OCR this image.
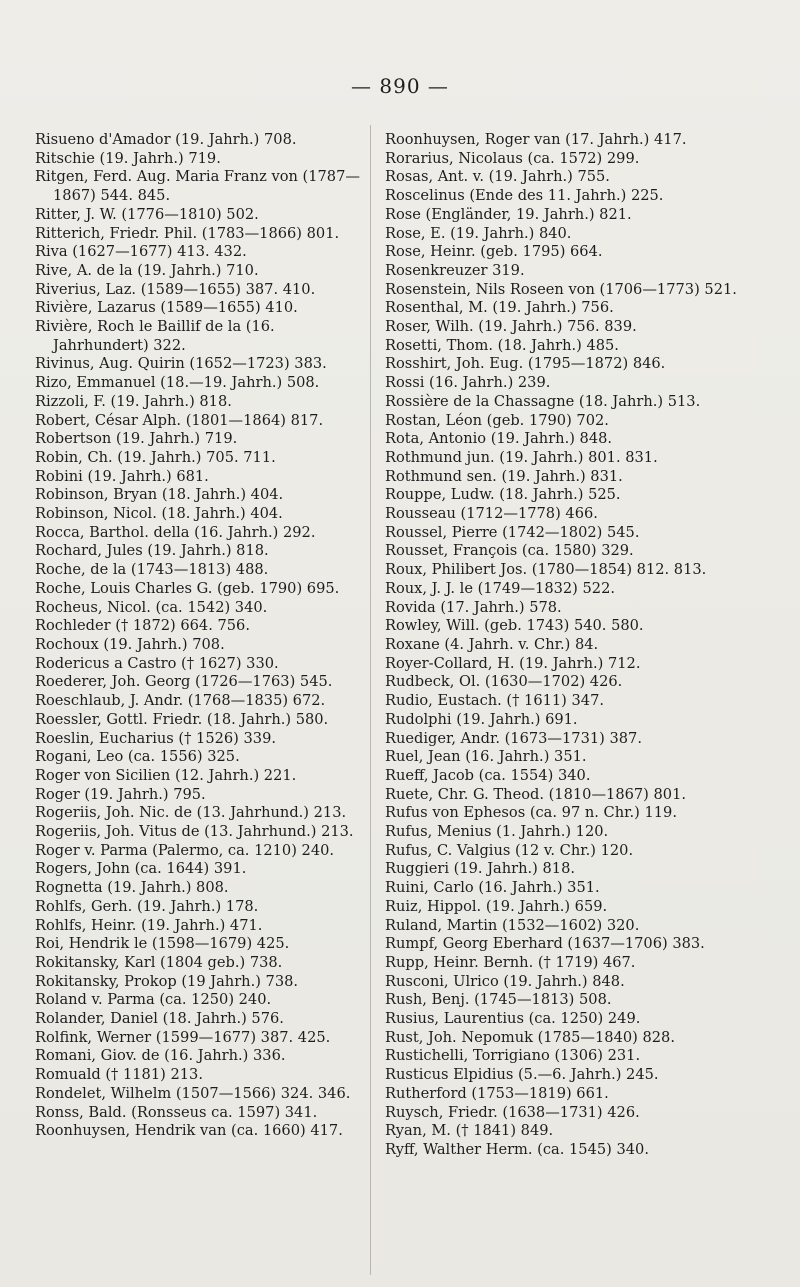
— 890 —
Risueno d'Amador (19. Jahrh.) 708.
Ritschie (19. Jahrh.) 719.
Ritgen, Ferd. Aug. Maria Franz von (1787—1867) 544. 845.
Ritter, J. W. (1776—1810) 502.
Ritterich, Friedr. Phil. (1783—1866) 801.
Riva (1627—1677) 413. 432.
Rive, A. de la (19. Jahrh.) 710.
Riverius, Laz. (1589—1655) 387. 410.
Rivière, Lazarus (1589—1655) 410.
Rivière, Roch le Baillif de la (16. Jahrhundert) 322.
Rivinus, Aug. Quirin (1652—1723) 383.
Rizo, Emmanuel (18.—19. Jahrh.) 508.
Rizzoli, F. (19. Jahrh.) 818.
Robert, César Alph. (1801—1864) 817.
Robertson (19. Jahrh.) 719.
Robin, Ch. (19. Jahrh.) 705. 711.
Robini (19. Jahrh.) 681.
Robinson, Bryan (18. Jahrh.) 404.
Robinson, Nicol. (18. Jahrh.) 404.
Rocca, Barthol. della (16. Jahrh.) 292.
Rochard, Jules (19. Jahrh.) 818.
Roche, de la (1743—1813) 488.
Roche, Louis Charles G. (geb. 1790) 695.
Rocheus, Nicol. (ca. 1542) 340.
Rochleder († 1872) 664. 756.
Rochoux (19. Jahrh.) 708.
Rodericus a Castro († 1627) 330.
Roederer, Joh. Georg (1726—1763) 545.
Roeschlaub, J. Andr. (1768—1835) 672.
Roessler, Gottl. Friedr. (18. Jahrh.) 580.
Roeslin, Eucharius († 1526) 339.
Rogani, Leo (ca. 1556) 325.
Roger von Sicilien (12. Jahrh.) 221.
Roger (19. Jahrh.) 795.
Rogeriis, Joh. Nic. de (13. Jahrhund.) 213.
Rogeriis, Joh. Vitus de (13. Jahrhund.) 213.
Roger v. Parma (Palermo, ca. 1210) 240.
Rogers, John (ca. 1644) 391.
Rognetta (19. Jahrh.) 808.
Rohlfs, Gerh. (19. Jahrh.) 178.
Rohlfs, Heinr. (19. Jahrh.) 471.
Roi, Hendrik le (1598—1679) 425.
Rokitansky, Karl (1804 geb.) 738.
Rokitansky, Prokop (19 Jahrh.) 738.
Roland v. Parma (ca. 1250) 240.
Rolander, Daniel (18. Jahrh.) 576.
Rolfink, Werner (1599—1677) 387. 425.
Romani, Giov. de (16. Jahrh.) 336.
Romuald († 1181) 213.
Rondelet, Wilhelm (1507—1566) 324. 346.
Ronss, Bald. (Ronsseus ca. 1597) 341.
Roonhuysen, Hendrik van (ca. 1660) 417.
Roonhuysen, Roger van (17. Jahrh.) 417.
Rorarius, Nicolaus (ca. 1572) 299.
Rosas, Ant. v. (19. Jahrh.) 755.
Roscelinus (Ende des 11. Jahrh.) 225.
Rose (Engländer, 19. Jahrh.) 821.
Rose, E. (19. Jahrh.) 840.
Rose, Heinr. (geb. 1795) 664.
Rosenkreuzer 319.
Rosenstein, Nils Roseen von (1706—1773) 521.
Rosenthal, M. (19. Jahrh.) 756.
Roser, Wilh. (19. Jahrh.) 756. 839.
Rosetti, Thom. (18. Jahrh.) 485.
Rosshirt, Joh. Eug. (1795—1872) 846.
Rossi (16. Jahrh.) 239.
Rossière de la Chassagne (18. Jahrh.) 513.
Rostan, Léon (geb. 1790) 702.
Rota, Antonio (19. Jahrh.) 848.
Rothmund jun. (19. Jahrh.) 801. 831.
Rothmund sen. (19. Jahrh.) 831.
Rouppe, Ludw. (18. Jahrh.) 525.
Rousseau (1712—1778) 466.
Roussel, Pierre (1742—1802) 545.
Rousset, François (ca. 1580) 329.
Roux, Philibert Jos. (1780—1854) 812. 813.
Roux, J. J. le (1749—1832) 522.
Rovida (17. Jahrh.) 578.
Rowley, Will. (geb. 1743) 540. 580.
Roxane (4. Jahrh. v. Chr.) 84.
Royer-Collard, H. (19. Jahrh.) 712.
Rudbeck, Ol. (1630—1702) 426.
Rudio, Eustach. († 1611) 347.
Rudolphi (19. Jahrh.) 691.
Ruediger, Andr. (1673—1731) 387.
Ruel, Jean (16. Jahrh.) 351.
Rueff, Jacob (ca. 1554) 340.
Ruete, Chr. G. Theod. (1810—1867) 801.
Rufus von Ephesos (ca. 97 n. Chr.) 119.
Rufus, Menius (1. Jahrh.) 120.
Rufus, C. Valgius (12 v. Chr.) 120.
Ruggieri (19. Jahrh.) 818.
Ruini, Carlo (16. Jahrh.) 351.
Ruiz, Hippol. (19. Jahrh.) 659.
Ruland, Martin (1532—1602) 320.
Rumpf, Georg Eberhard (1637—1706) 383.
Rupp, Heinr. Bernh. († 1719) 467.
Rusconi, Ulrico (19. Jahrh.) 848.
Rush, Benj. (1745—1813) 508.
Rusius, Laurentius (ca. 1250) 249.
Rust, Joh. Nepomuk (1785—1840) 828.
Rustichelli, Torrigiano (1306) 231.
Rusticus Elpidius (5.—6. Jahrh.) 245.
Rutherford (1753—1819) 661.
Ruysch, Friedr. (1638—1731) 426.
Ryan, M. († 1841) 849.
Ryff, Walther Herm. (ca. 1545) 340.
